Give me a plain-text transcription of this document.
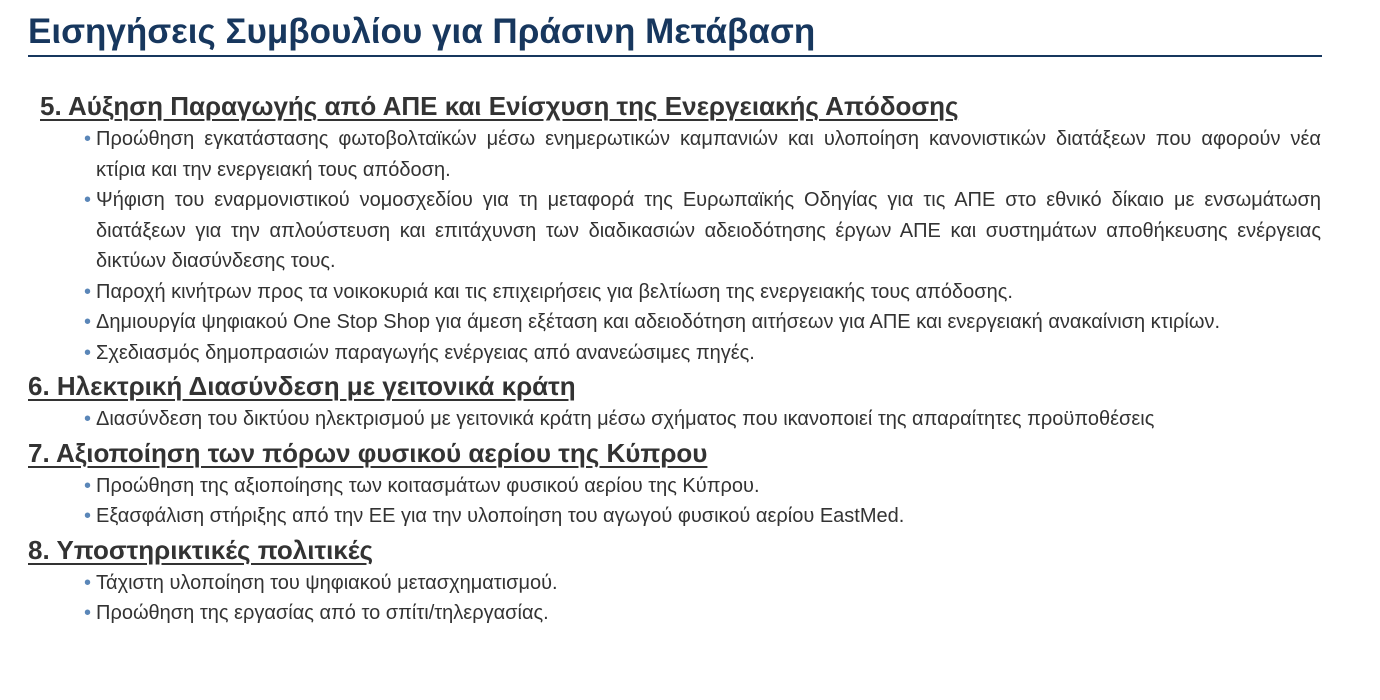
Εισηγήσεις Συμβουλίου για Πράσινη Μετάβαση
5. Αύξηση Παραγωγής από ΑΠΕ και Ενίσχυση της Ενεργειακής Απόδοσης
• Προώθηση εγκατάστασης φωτοβολταϊκών μέσω ενημερωτικών καμπανιών και υλοποίηση κανονιστικών διατάξεων που αφορούν νέα κτίρια και την ενεργειακή τους απόδοση.
• Ψήφιση του εναρμονιστικού νομοσχεδίου για τη μεταφορά της Ευρωπαϊκής Οδηγίας για τις ΑΠΕ στο εθνικό δίκαιο με ενσωμάτωση διατάξεων για την απλούστευση και επιτάχυνση των διαδικασιών αδειοδότησης έργων ΑΠΕ και συστημάτων αποθήκευσης ενέργειας δικτύων διασύνδεσης τους.
• Παροχή κινήτρων προς τα νοικοκυριά και τις επιχειρήσεις για βελτίωση της ενεργειακής τους απόδοσης.
• Δημιουργία ψηφιακού One Stop Shop για άμεση εξέταση και αδειοδότηση αιτήσεων για ΑΠΕ και ενεργειακή ανακαίνιση κτιρίων.
• Σχεδιασμός δημοπρασιών παραγωγής ενέργειας από ανανεώσιμες πηγές.
6. Ηλεκτρική Διασύνδεση με γειτονικά κράτη
• Διασύνδεση του δικτύου ηλεκτρισμού με γειτονικά κράτη μέσω σχήματος που ικανοποιεί της απαραίτητες προϋποθέσεις
7. Αξιοποίηση των πόρων φυσικού αερίου της Κύπρου
• Προώθηση της αξιοποίησης των κοιτασμάτων φυσικού αερίου της Κύπρου.
• Εξασφάλιση στήριξης από την ΕΕ για την υλοποίηση του αγωγού φυσικού αερίου EastMed.
8. Υποστηρικτικές πολιτικές
• Τάχιστη υλοποίηση του ψηφιακού μετασχηματισμού.
• Προώθηση της εργασίας από το σπίτι/τηλεργασίας.
